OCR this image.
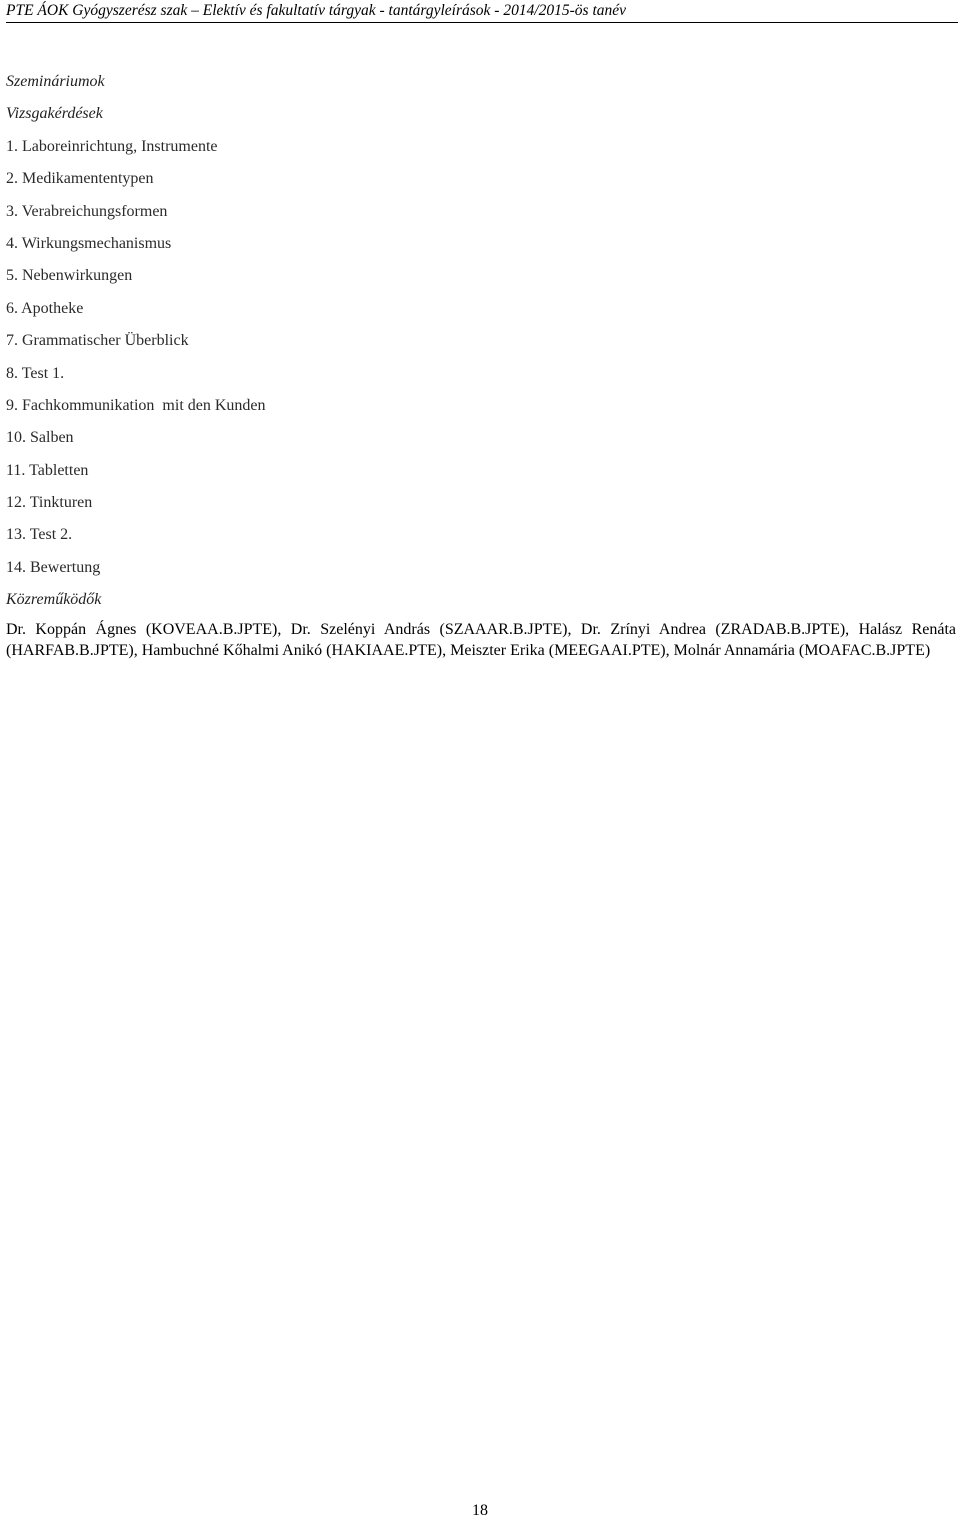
PTE ÁOK Gyógyszerész szak – Elektív és fakultatív tárgyak - tantárgyleírások - 2014/2015-ös tanév
Szemináriumok
Vizsgakérdések
1. Laboreinrichtung, Instrumente
2. Medikamententypen
3. Verabreichungsformen
4. Wirkungsmechanismus
5. Nebenwirkungen
6. Apotheke
7. Grammatischer Überblick
8. Test 1.
9. Fachkommunikation  mit den Kunden
10. Salben
11. Tabletten
12. Tinkturen
13. Test 2.
14. Bewertung
Közreműködők
Dr. Koppán Ágnes (KOVEAA.B.JPTE), Dr. Szelényi András (SZAAAR.B.JPTE), Dr. Zrínyi Andrea (ZRADAB.B.JPTE), Halász Renáta (HARFAB.B.JPTE), Hambuchné Kőhalmi Anikó (HAKIAAE.PTE), Meiszter Erika (MEEGAAI.PTE), Molnár Annamária (MOAFAC.B.JPTE)
18
